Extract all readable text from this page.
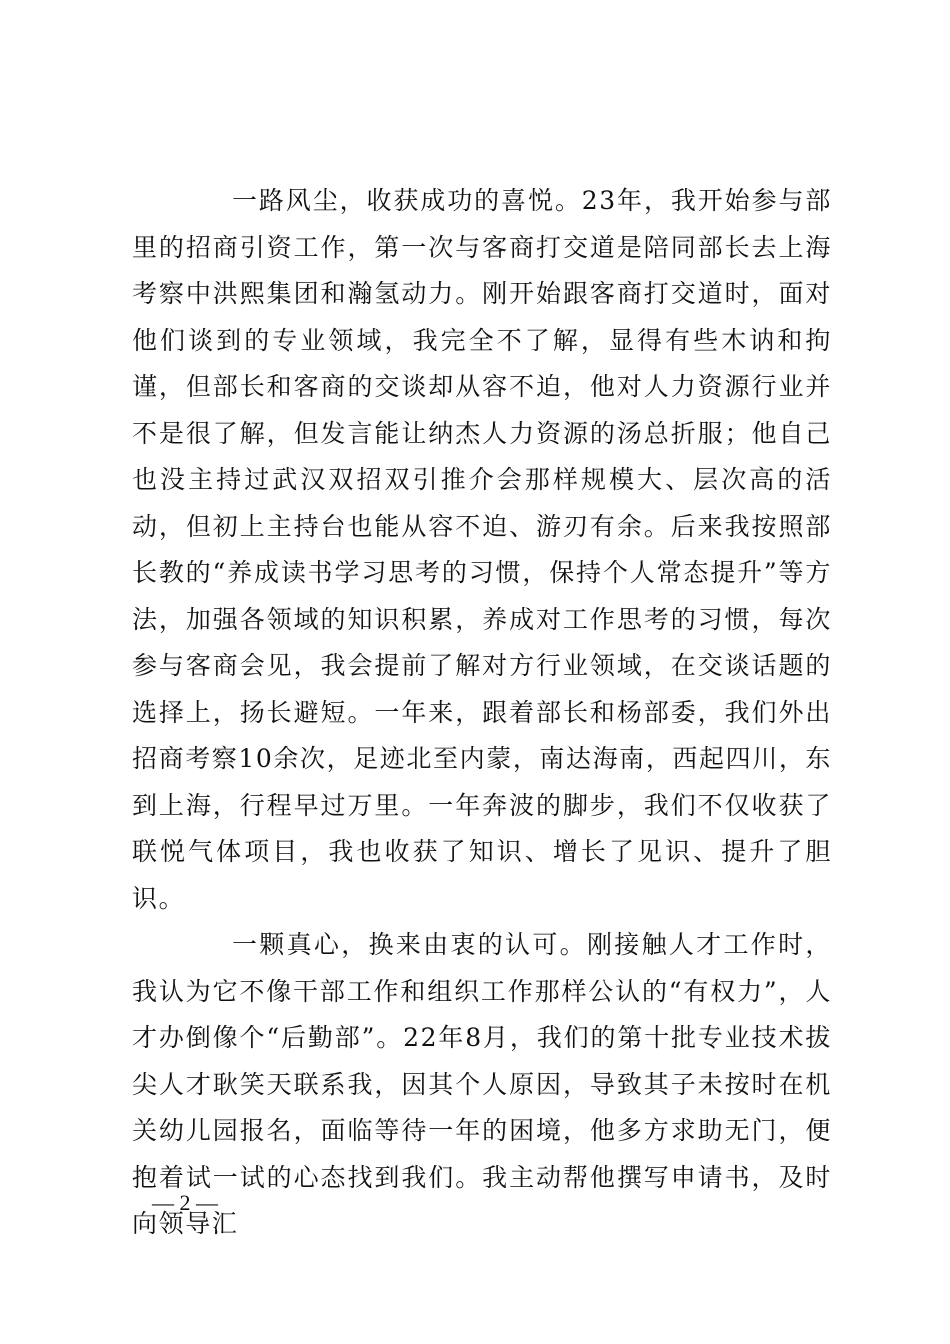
一路风尘，收获成功的喜悦。23年，我开始参与部里的招商引资工作，第一次与客商打交道是陪同部长去上海考察中洪熙集团和瀚氢动力。刚开始跟客商打交道时，面对他们谈到的专业领域，我完全不了解，显得有些木讷和拘谨，但部长和客商的交谈却从容不迫，他对人力资源行业并不是很了解，但发言能让纳杰人力资源的汤总折服；他自己也没主持过武汉双招双引推介会那样规模大、层次高的活动，但初上主持台也能从容不迫、游刃有余。后来我按照部长教的“养成读书学习思考的习惯，保持个人常态提升”等方法，加强各领域的知识积累，养成对工作思考的习惯，每次参与客商会见，我会提前了解对方行业领域，在交谈话题的选择上，扬长避短。一年来，跟着部长和杨部委，我们外出招商考察10余次，足迹北至内蒙，南达海南，西起四川，东到上海，行程早过万里。一年奔波的脚步，我们不仅收获了联悦气体项目，我也收获了知识、增长了见识、提升了胆识。

一颗真心，换来由衷的认可。刚接触人才工作时，我认为它不像干部工作和组织工作那样公认的“有权力”，人才办倒像个“后勤部”。22年8月，我们的第十批专业技术拔尖人才耿笑天联系我，因其个人原因，导致其子未按时在机关幼儿园报名，面临等待一年的困境，他多方求助无门，便抱着试一试的心态找到我们。我主动帮他撰写申请书，及时向领导汇

— 2 —
